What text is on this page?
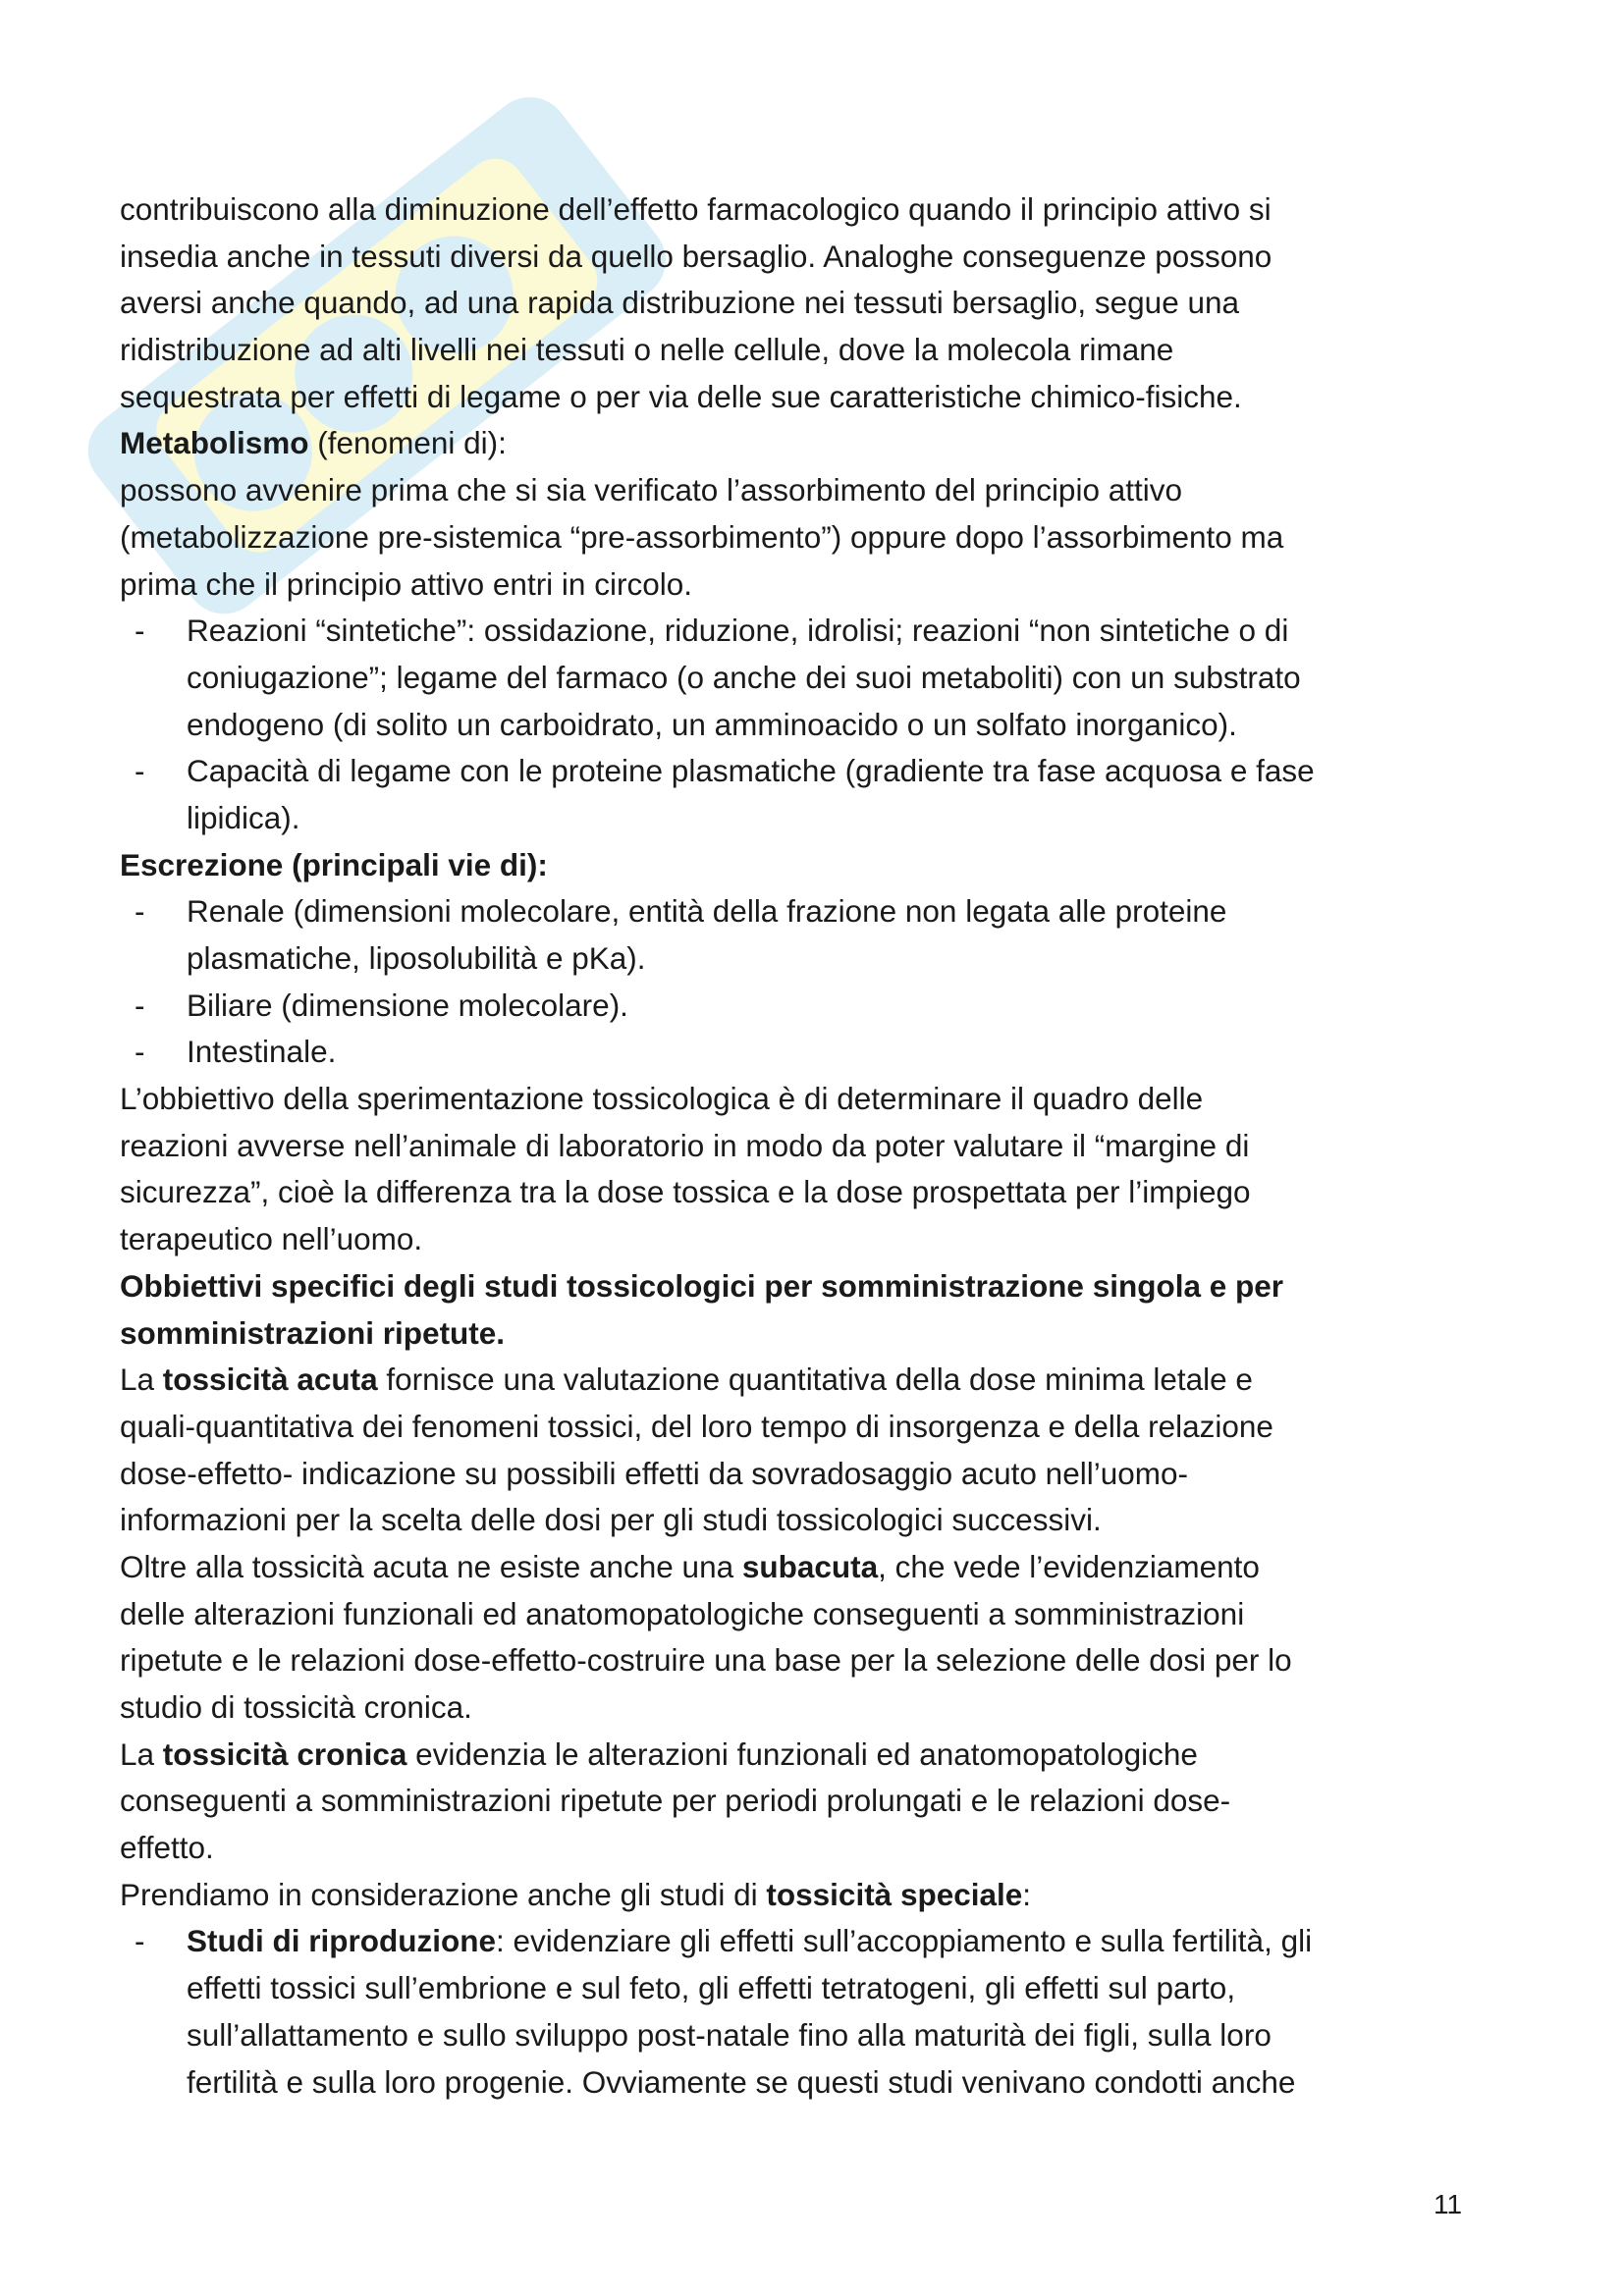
contribuiscono alla diminuzione dell’effetto farmacologico quando il principio attivo si
insedia anche in tessuti diversi da quello bersaglio. Analoghe conseguenze possono
aversi anche quando, ad una rapida distribuzione nei tessuti bersaglio, segue una
ridistribuzione ad alti livelli nei tessuti o nelle cellule, dove la molecola rimane
sequestrata per effetti di legame o per via delle sue caratteristiche chimico-fisiche.
Metabolismo (fenomeni di):
possono avvenire prima che si sia verificato l’assorbimento del principio attivo
(metabolizzazione pre-sistemica “pre-assorbimento”) oppure dopo l’assorbimento ma
prima che il principio attivo entri in circolo.
- Reazioni “sintetiche”: ossidazione, riduzione, idrolisi; reazioni “non sintetiche o di
coniugazione”; legame del farmaco (o anche dei suoi metaboliti) con un substrato
endogeno (di solito un carboidrato, un amminoacido o un solfato inorganico).
- Capacità di legame con le proteine plasmatiche (gradiente tra fase acquosa e fase
lipidica).
Escrezione (principali vie di):
- Renale (dimensioni molecolare, entità della frazione non legata alle proteine
plasmatiche, liposolubilità e pKa).
- Biliare (dimensione molecolare).
- Intestinale.
L’obbiettivo della sperimentazione tossicologica è di determinare il quadro delle
reazioni avverse nell’animale di laboratorio in modo da poter valutare il “margine di
sicurezza”, cioè la differenza tra la dose tossica e la dose prospettata per l’impiego
terapeutico nell’uomo.
Obbiettivi specifici degli studi tossicologici per somministrazione singola e per
somministrazioni ripetute.
La tossicità acuta fornisce una valutazione quantitativa della dose minima letale e
quali-quantitativa dei fenomeni tossici, del loro tempo di insorgenza e della relazione
dose-effetto- indicazione su possibili effetti da sovradosaggio acuto nell’uomo-
informazioni per la scelta delle dosi per gli studi tossicologici successivi.
Oltre alla tossicità acuta ne esiste anche una subacuta, che vede l’evidenziamento
delle alterazioni funzionali ed anatomopatologiche conseguenti a somministrazioni
ripetute e le relazioni dose-effetto-costruire una base per la selezione delle dosi per lo
studio di tossicità cronica.
La tossicità cronica evidenzia le alterazioni funzionali ed anatomopatologiche
conseguenti a somministrazioni ripetute per periodi prolungati e le relazioni dose-
effetto.
Prendiamo in considerazione anche gli studi di tossicità speciale:
- Studi di riproduzione: evidenziare gli effetti sull’accoppiamento e sulla fertilità, gli
effetti tossici sull’embrione e sul feto, gli effetti tetratogeni, gli effetti sul parto,
sull’allattamento e sullo sviluppo post-natale fino alla maturità dei figli, sulla loro
fertilità e sulla loro progenie. Ovviamente se questi studi venivano condotti anche
11
